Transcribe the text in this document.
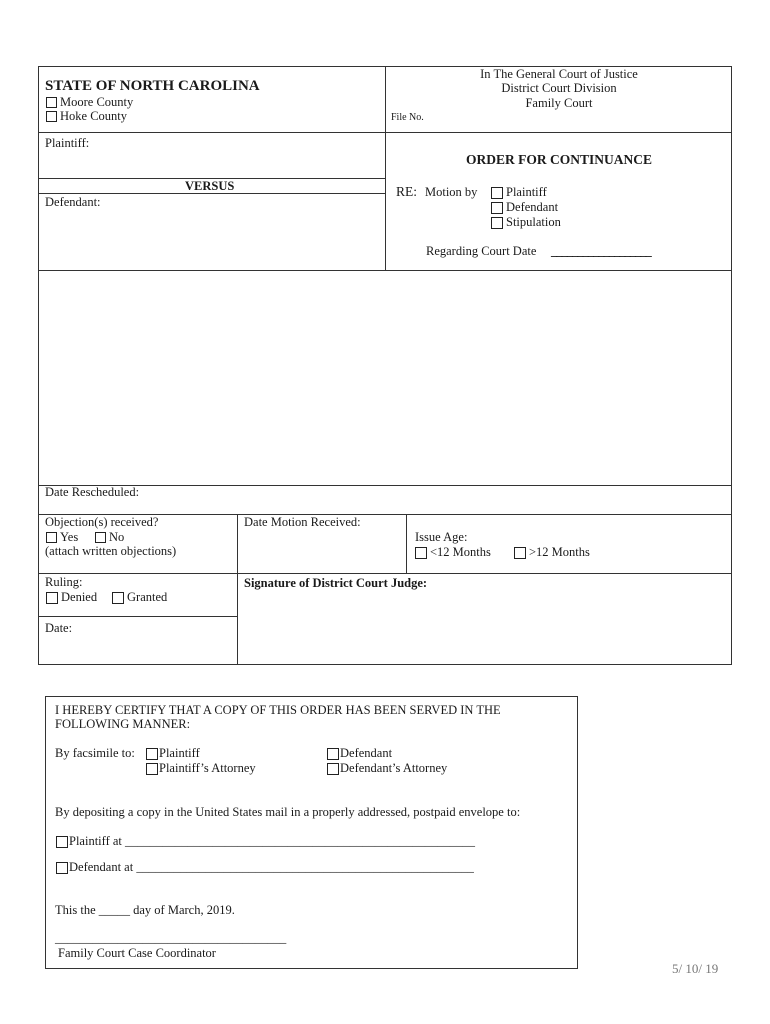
STATE OF NORTH CAROLINA
Moore County
Hoke County
In The General Court of Justice
District Court Division
Family Court
File No.
Plaintiff:
VERSUS
Defendant:
ORDER FOR CONTINUANCE
RE: Motion by Plaintiff
Defendant
Stipulation
Regarding Court Date ___________________
Date Rescheduled:
Objection(s) received?
Yes No
(attach written objections)
Date Motion Received:
Issue Age:
<12 Months	>12 Months
Ruling:
Denied Granted
Signature of District Court Judge:
Date:
I HEREBY CERTIFY THAT A COPY OF THIS ORDER HAS BEEN SERVED IN THE
FOLLOWING MANNER:
By facsimile to: Plaintiff
Plaintiff’s Attorney
Defendant
Defendant’s Attorney
By depositing a copy in the United States mail in a properly addressed, postpaid envelope to:
Plaintiff at ________________________________________________________
Defendant at ______________________________________________________
This the _____ day of March, 2019.
_____________________________________
Family Court Case Coordinator
5/ 10/ 19
